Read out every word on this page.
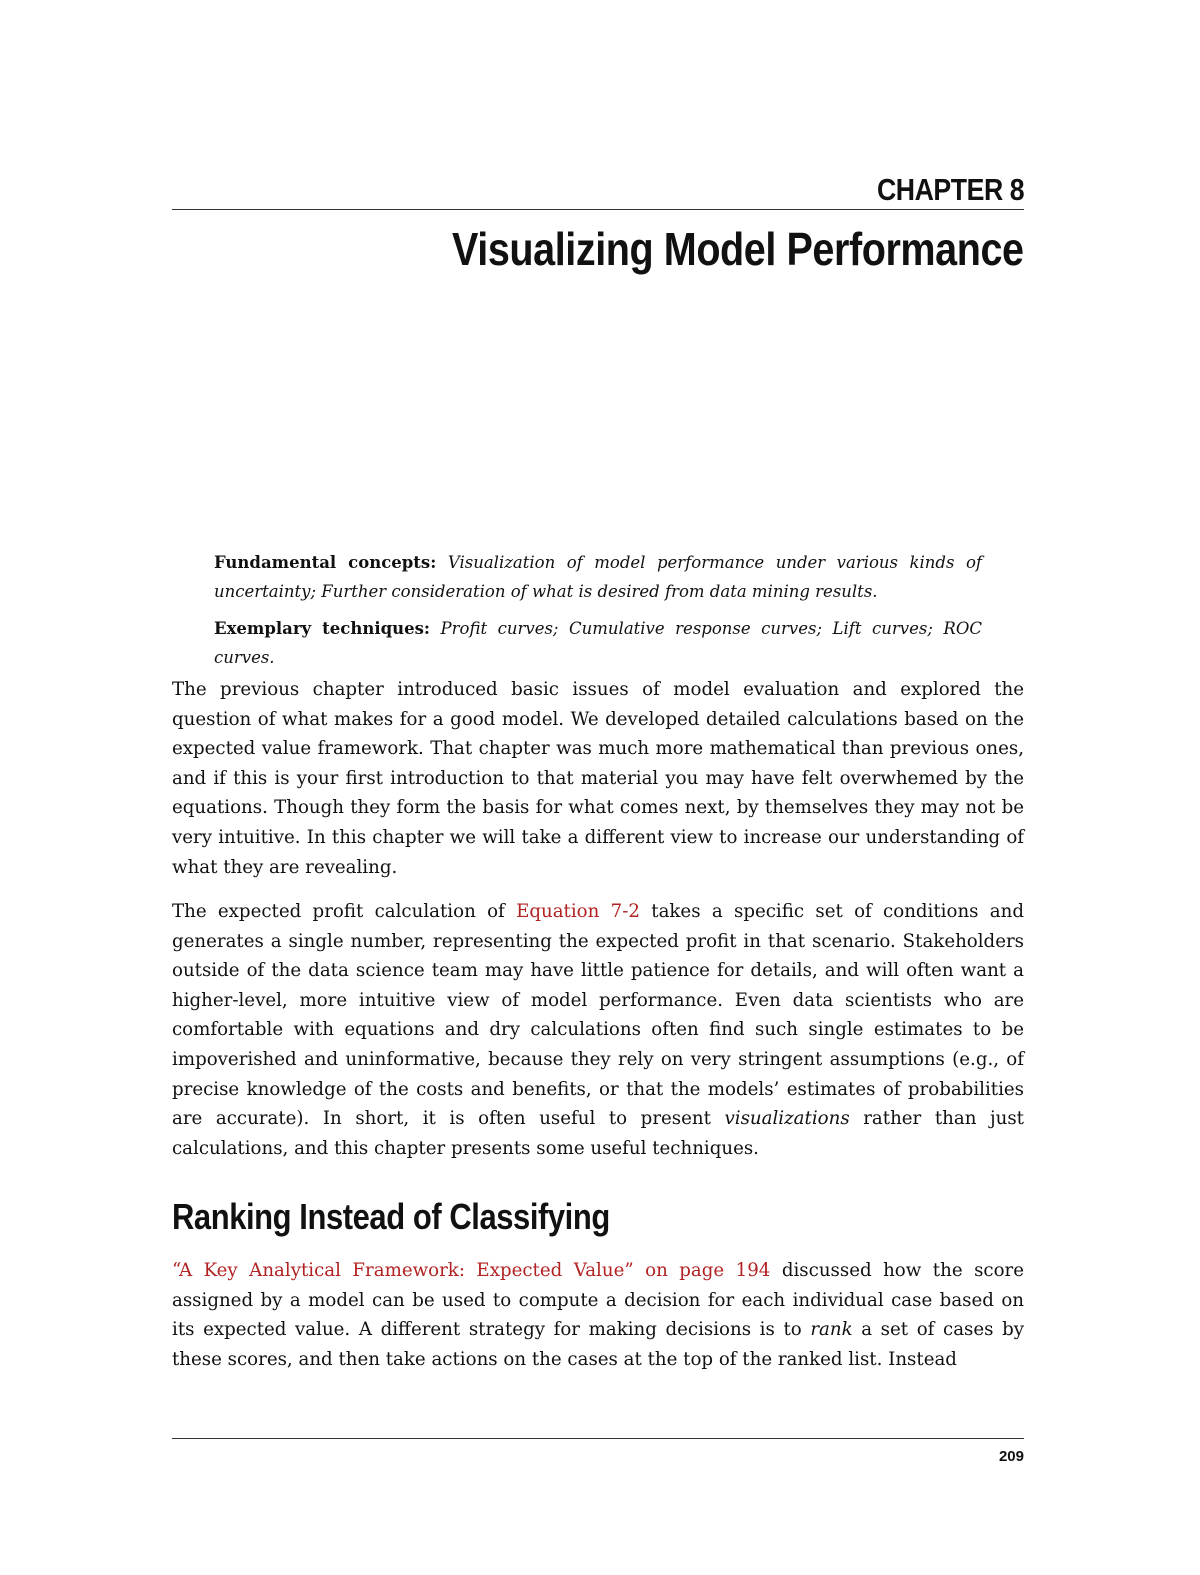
CHAPTER 8
Visualizing Model Performance

Fundamental concepts: Visualization of model performance under various kinds of uncertainty; Further consideration of what is desired from data mining results.

Exemplary techniques: Profit curves; Cumulative response curves; Lift curves; ROC curves.

The previous chapter introduced basic issues of model evaluation and explored the question of what makes for a good model. We developed detailed calculations based on the expected value framework. That chapter was much more mathematical than previous ones, and if this is your first introduction to that material you may have felt overwhemed by the equations. Though they form the basis for what comes next, by themselves they may not be very intuitive. In this chapter we will take a different view to increase our understanding of what they are revealing.

The expected profit calculation of Equation 7-2 takes a specific set of conditions and generates a single number, representing the expected profit in that scenario. Stakeholders outside of the data science team may have little patience for details, and will often want a higher-level, more intuitive view of model performance. Even data scientists who are comfortable with equations and dry calculations often find such single estimates to be impoverished and uninformative, because they rely on very stringent assumptions (e.g., of precise knowledge of the costs and benefits, or that the models’ estimates of probabilities are accurate). In short, it is often useful to present visualizations rather than just calculations, and this chapter presents some useful techniques.

Ranking Instead of Classifying

“A Key Analytical Framework: Expected Value” on page 194 discussed how the score assigned by a model can be used to compute a decision for each individual case based on its expected value. A different strategy for making decisions is to rank a set of cases by these scores, and then take actions on the cases at the top of the ranked list. Instead

209
